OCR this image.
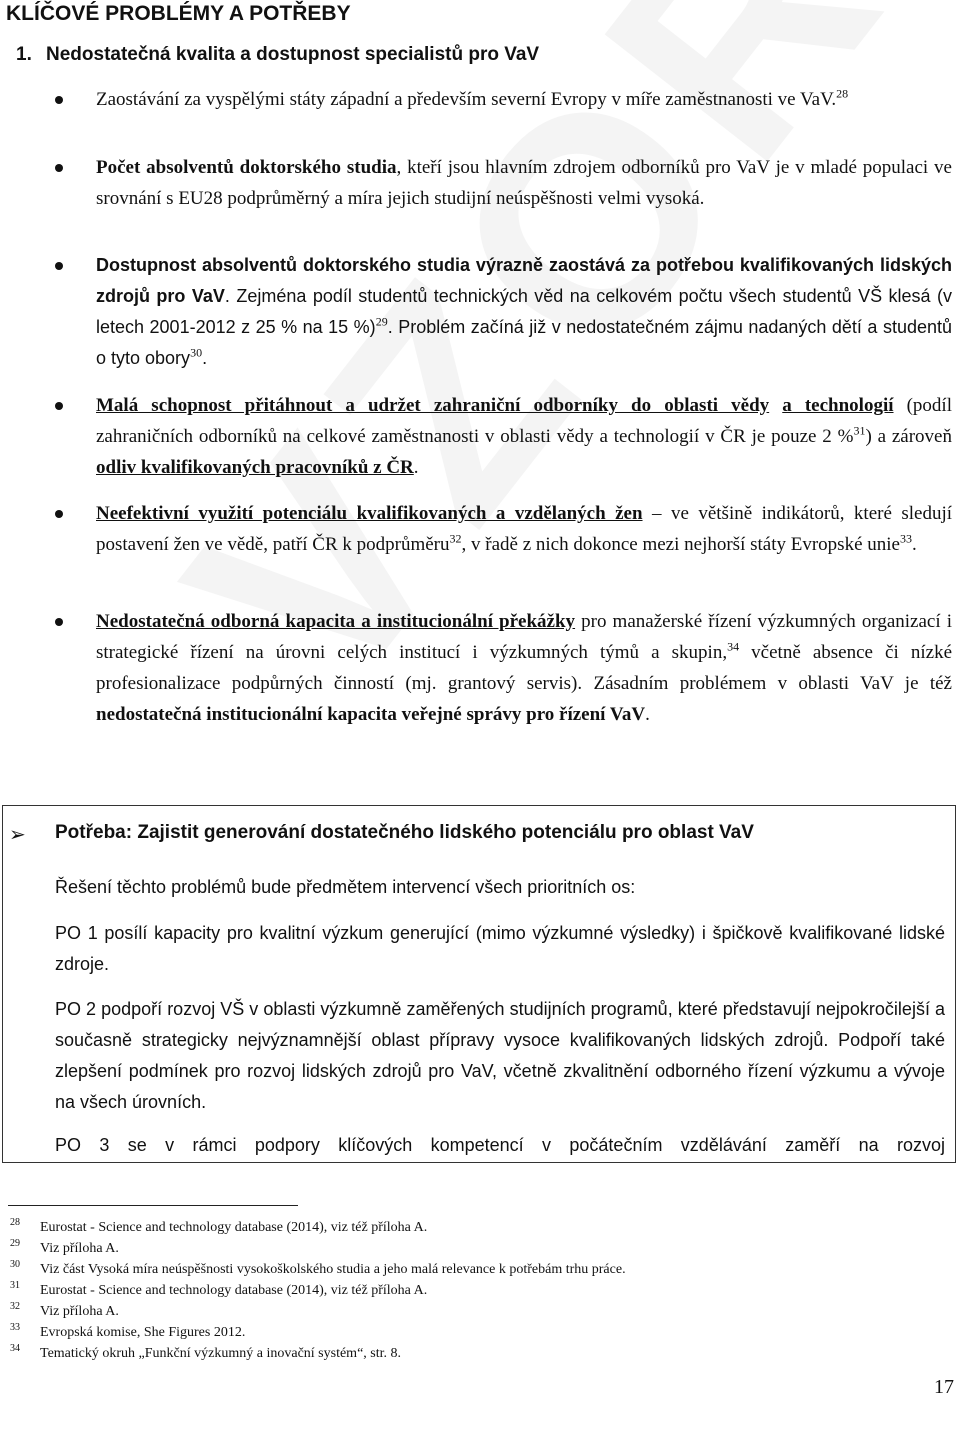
KLÍČOVÉ PROBLÉMY A POTŘEBY
1. Nedostatečná kvalita a dostupnost specialistů pro VaV
Zaostávání za vyspělými státy západní a především severní Evropy v míře zaměstnanosti ve VaV.$^{28}$
Počet absolventů doktorského studia, kteří jsou hlavním zdrojem odborníků pro VaV je v mladé populaci ve srovnání s EU28 podprůměrný a míra jejich studijní neúspěšnosti velmi vysoká.
Dostupnost absolventů doktorského studia výrazně zaostává za potřebou kvalifikovaných lidských zdrojů pro VaV. Zejména podíl studentů technických věd na celkovém počtu všech studentů VŠ klesá (v letech 2001-2012 z 25 % na 15 %)$^{29}$. Problém začíná již v nedostatečném zájmu nadaných dětí a studentů o tyto obory$^{30}$.
Malá schopnost přitáhnout a udržet zahraniční odborníky do oblasti vědy a technologií (podíl zahraničních odborníků na celkové zaměstnanosti v oblasti vědy a technologií v ČR je pouze 2 %$^{31}$) a zároveň odliv kvalifikovaných pracovníků z ČR.
Neefektivní využití potenciálu kvalifikovaných a vzdělaných žen – ve většině indikátorů, které sledují postavení žen ve vědě, patří ČR k podprůměru$^{32}$, v řadě z nich dokonce mezi nejhorší státy Evropské unie$^{33}$.
Nedostatečná odborná kapacita a institucionální překážky pro manažerské řízení výzkumných organizací i strategické řízení na úrovni celých institucí i výzkumných týmů a skupin,$^{34}$ včetně absence či nízké profesionalizace podpůrných činností (mj. grantový servis). Zásadním problémem v oblasti VaV je též nedostatečná institucionální kapacita veřejné správy pro řízení VaV.
➢ Potřeba: Zajistit generování dostatečného lidského potenciálu pro oblast VaV

Řešení těchto problémů bude předmětem intervencí všech prioritních os:

PO 1 posílí kapacity pro kvalitní výzkum generující (mimo výzkumné výsledky) i špičkově kvalifikované lidské zdroje.

PO 2 podpoří rozvoj VŠ v oblasti výzkumně zaměřených studijních programů, které představují nejpokročilejší a současně strategicky nejvýznamnější oblast přípravy vysoce kvalifikovaných lidských zdrojů. Podpoří také zlepšení podmínek pro rozvoj lidských zdrojů pro VaV, včetně zkvalitnění odborného řízení výzkumu a vývoje na všech úrovních.

PO 3 se v rámci podpory klíčových kompetencí v počátečním vzdělávání zaměří na rozvoj

28 Eurostat - Science and technology database (2014), viz též příloha A.
29 Viz příloha A.
30 Viz část Vysoká míra neúspěšnosti vysokoškolského studia a jeho malá relevance k potřebám trhu práce.
31 Eurostat - Science and technology database (2014), viz též příloha A.
32 Viz příloha A.
33 Evropská komise, She Figures 2012.
34 Tematický okruh „Funkční výzkumný a inovační systém“, str. 8.
17
